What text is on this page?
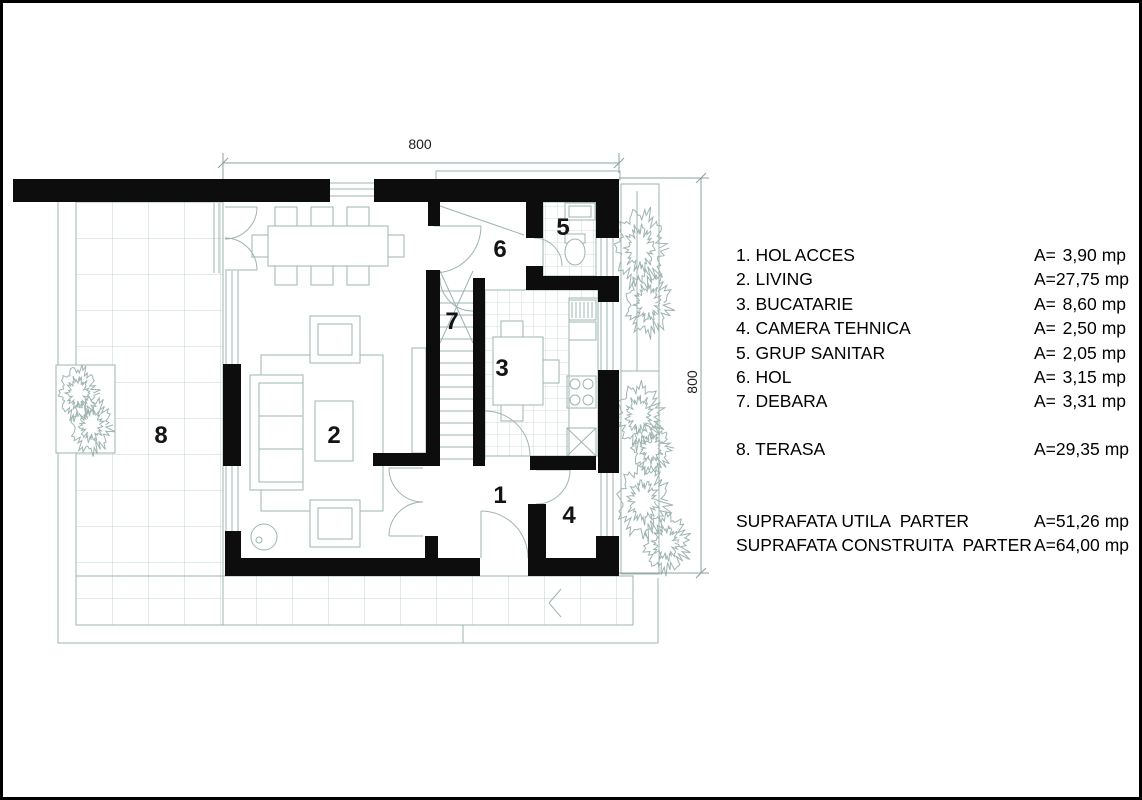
800
800
1
2
3
4
5
6
7
8
1. HOL ACCES	A= 3,90 mp
2. LIVING	A= 27,75 mp
3. BUCATARIE	A= 8,60 mp
4. CAMERA TEHNICA	A= 2,50 mp
5. GRUP SANITAR	A= 2,05 mp
6. HOL	A= 3,15 mp
7. DEBARA	A= 3,31 mp
8. TERASA	A= 29,35 mp
SUPRAFATA UTILA  PARTER	A= 51,26 mp
SUPRAFATA CONSTRUITA  PARTER A= 64,00 mp
